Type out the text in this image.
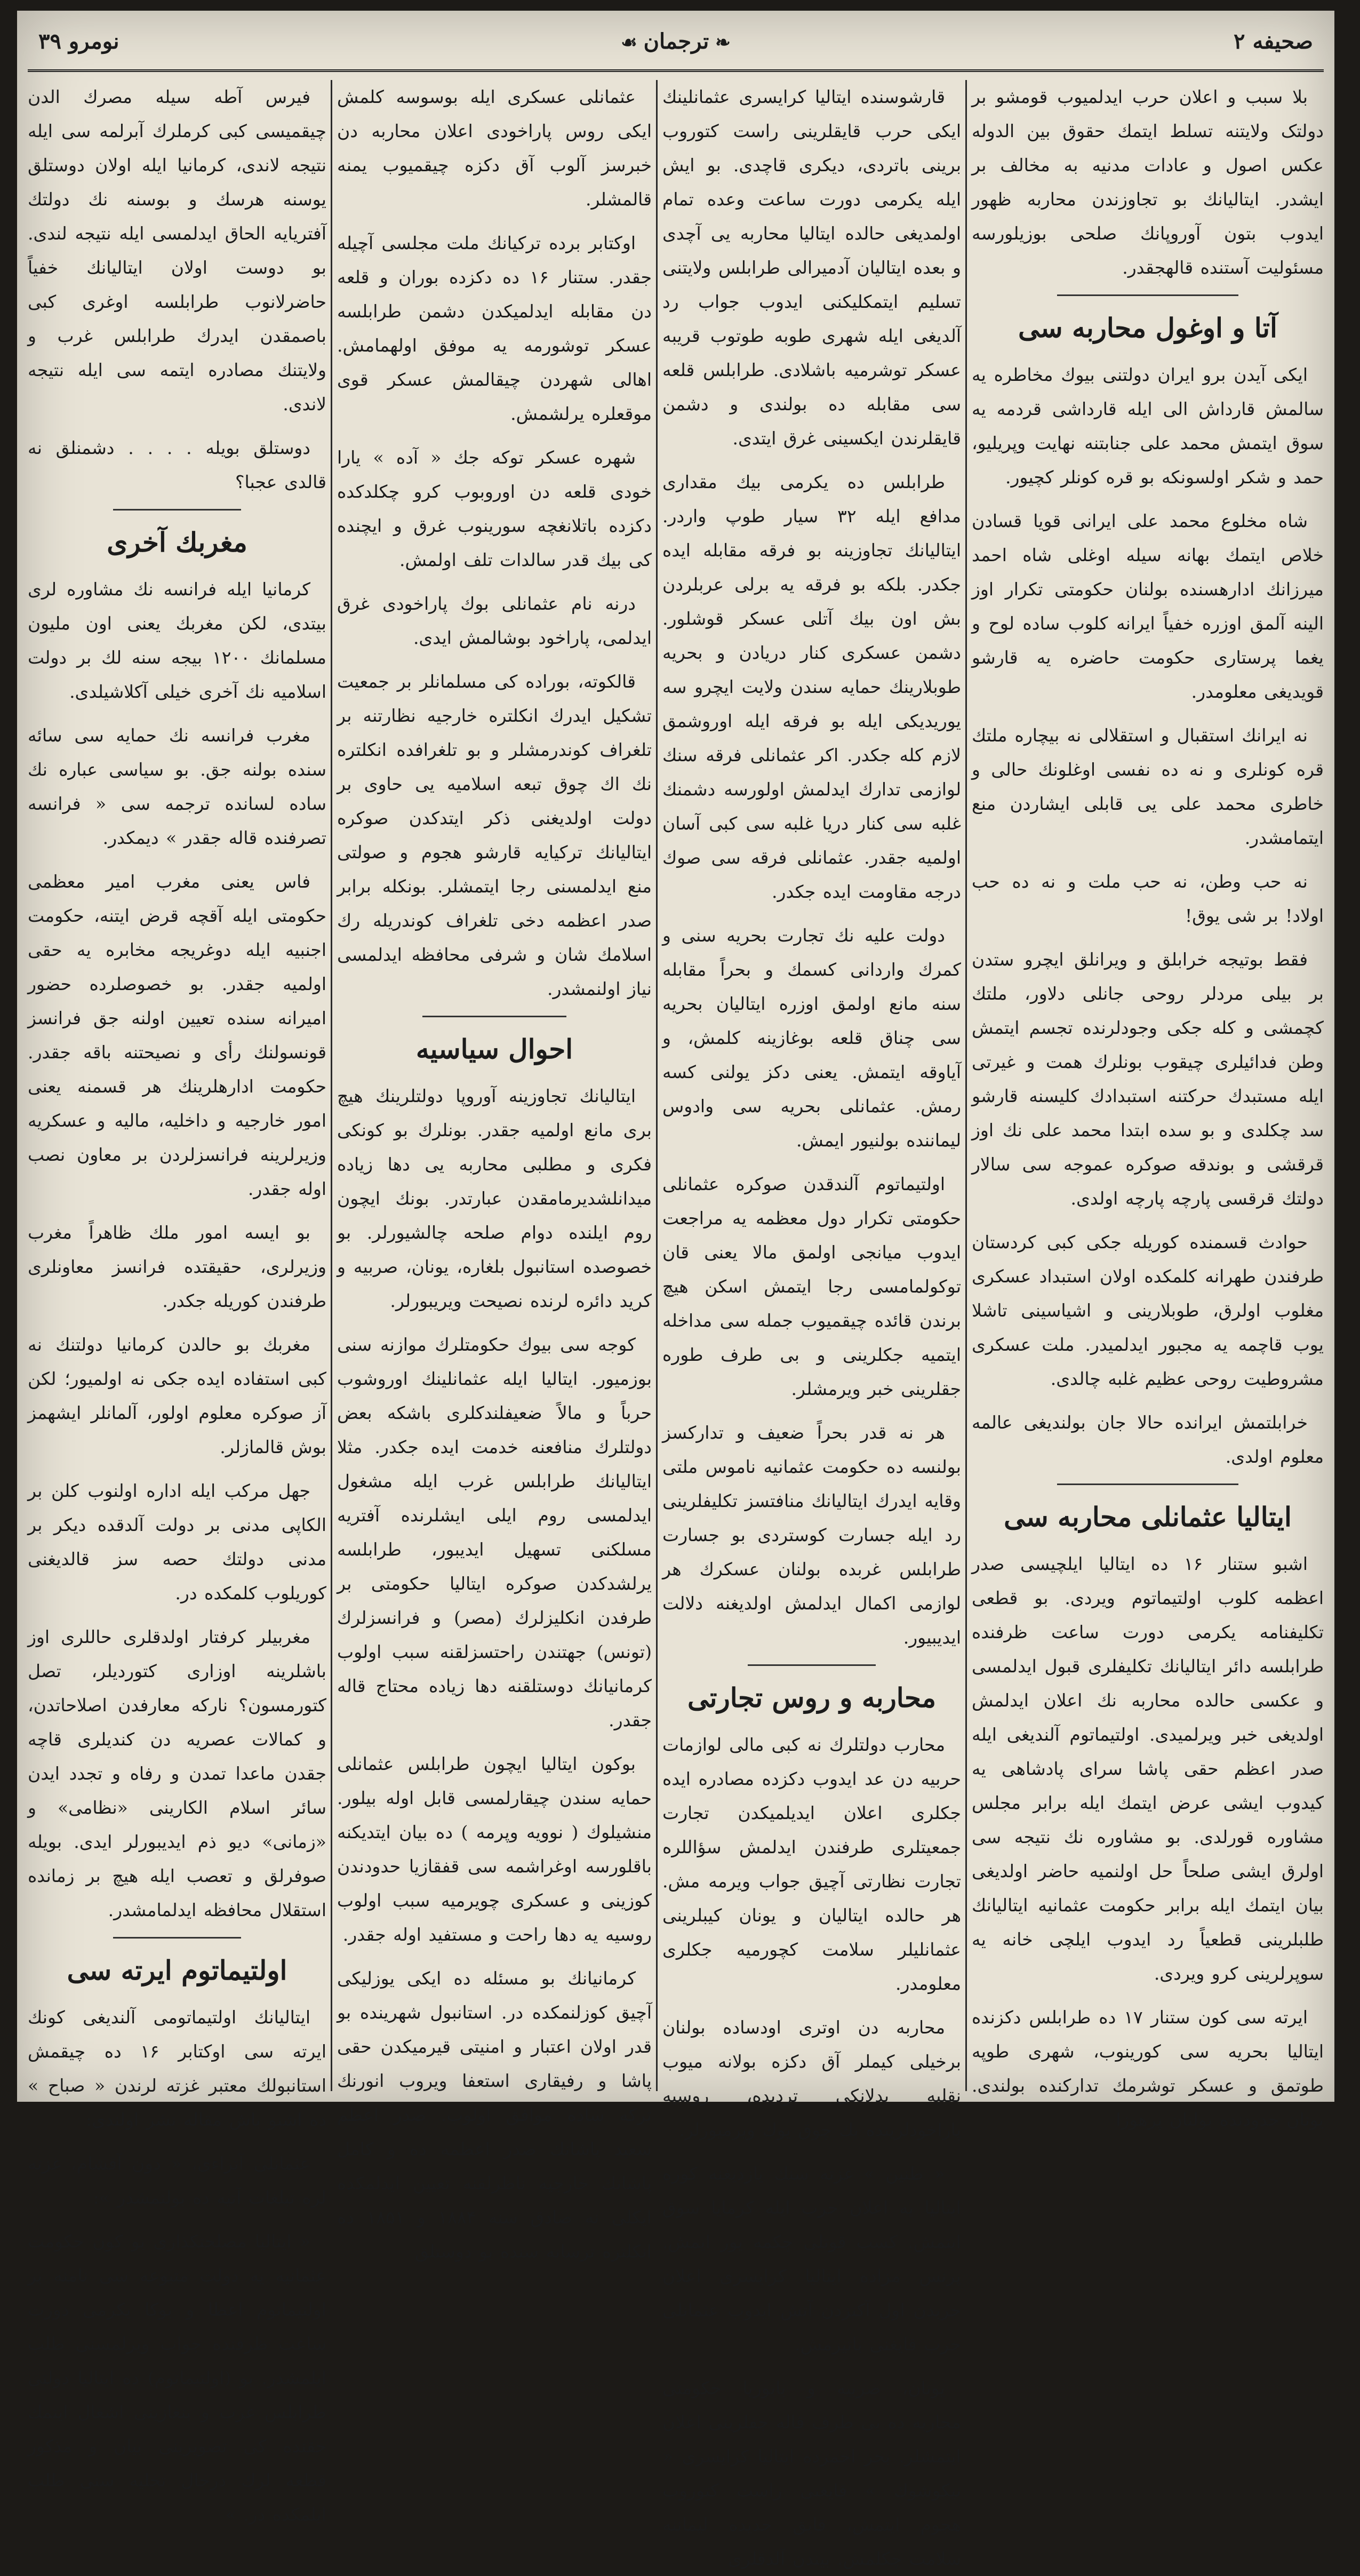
صحیفه ۲
❧ترجمان☙
نومرو ۳۹

بلا سبب و اعلان حرب ایدلمیوب قومشو بر دولتک ولایتنه تسلط ایتمك حقوق بین الدوله عکس اصول و عادات مدنیه به مخالف بر ایشدر. ایتالیانك بو تجاوزندن محاربه ظهور ایدوب بتون آوروپانك صلحی بوزیلورسه مسئولیت آستنده قالهجقدر.

آتا و اوغول محاربه سی

ایکی آیدن برو ایران دولتنی بیوك مخاطره یه سالمش قارداش الی ایله قارداشی قردمه یه سوق ایتمش محمد علی جنابتنه نهایت وپریلیو، حمد و شکر اولسونکه بو قره کونلر کچیور.

شاه مخلوع محمد علی ایرانی قویا قسادن خلاص ایتمك بهانه سیله اوغلی شاه احمد میرزانك ادارهسنده بولنان حکومتی تکرار اوز الینه آلمق اوزره خفیاً ایرانه کلوب ساده لوح و یغما پرستاری حکومت حاضره یه قارشو قویدیغی معلومدر.

نه ایرانك استقبال و استقلالی نه بیچاره ملتك قره کونلری و نه ده نفسی اوغلونك حالی و خاطری محمد علی یی قابلی ایشاردن منع ایتمامشدر.

نه حب وطن، نه حب ملت و نه ده حب اولاد! بر شی یوق!

فقط بوتیجه خرابلق و ویرانلق ایچرو ستدن بر بیلی مردلر روحی جانلی دلاور، ملتك کچمشی و کله جکی وجودلرنده تجسم ایتمش وطن فدائیلری چیقوب بونلرك همت و غیرتی ایله مستبدك حرکتنه استبدادك کلیسنه قارشو سد چکلدی و بو سده ابتدا محمد علی نك اوز قرقشی و بوندقه صوکره عموجه سی سالار دولتك قرقسی پارچه پارچه اولدی.

حوادث قسمنده کوریله جکی کبی کردستان طرفندن طهرانه کلمکده اولان استبداد عسکری مغلوب اولرق، طوبلارینی و اشیاسینی تاشلا یوب قاچمه یه مجبور ایدلمیدر. ملت عسکری مشروطیت روحی عظیم غلبه چالدی.

خرابلتمش ایرانده حالا جان بولندیغی عالمه معلوم اولدی.

ایتالیا عثمانلی محاربه سی

اشبو ستنار ۱۶ ده ایتالیا ایلچیسی صدر اعظمه کلوب اولتیماتوم ویردی. بو قطعی تکلیفنامه یکرمی دورت ساعت ظرفنده طرابلسه دائر ایتالیانك تکلیفلری قبول ایدلمسی و عکسی حالده محاربه نك اعلان ایدلمش اولدیغی خبر ویرلمیدی. اولتیماتوم آلندیغی ایله صدر اعظم حقی پاشا سرای پادشاهی یه کیدوب ایشی عرض ایتمك ایله برابر مجلس مشاوره قورلدی. بو مشاوره نك نتیجه سی اولرق ایشی صلحاً حل اولنمیه حاضر اولدیغی بیان ایتمك ایله برابر حکومت عثمانیه ایتالیانك طلبلرینی قطعیاً رد ایدوب ایلچی خانه یه سوپرلرینی کرو ویردی.

ایرته سی کون ستنار ۱۷ ده طرابلس دکزنده ایتالیا بحریه سی کورینوب، شهری طوپه طوتمق و عسکر توشرمك تدارکنده بولندی. یونان حدودنده بولنان پرهوزا

قارشوسنده ایتالیا کرایسری عثمانلینك ایکی حرب قایقلرینی راست کتوروب برینی باتردی، دیکری قاچدی. بو ایش ایله یکرمی دورت ساعت وعده تمام اولمدیغی حالده ایتالیا محاربه یی آچدی و بعده ایتالیان آدمیرالی طرابلس ولایتنی تسلیم ایتمکلیکنی ایدوب جواب رد آلدیغی ایله شهری طوبه طوتوب قریبه عسکر توشرمیه باشلادی. طرابلس قلعه سی مقابله ده بولندی و دشمن قایقلرندن ایکسینی غرق ایتدی.

طرابلس ده یکرمی بیك مقداری مدافع ایله ۳۲ سیار طوپ واردر. ایتالیانك تجاوزینه بو فرقه مقابله ایده جکدر. بلکه بو فرقه یه برلی عربلردن بش اون بیك آتلی عسکر قوشلور. دشمن عسکری کنار دریادن و بحریه طوبلارینك حمایه سندن ولایت ایچرو سه یوریدیکی ایله بو فرقه ایله اوروشمق لازم کله جکدر. اکر عثمانلی فرقه سنك لوازمی تدارك ایدلمش اولورسه دشمنك غلبه سی کنار دریا غلبه سی کبی آسان اولمیه جقدر. عثمانلی فرقه سی صوك درجه مقاومت ایده جکدر.

دولت علیه نك تجارت بحریه سنی و کمرك واردانی کسمك و بحراً مقابله سنه مانع اولمق اوزره ایتالیان بحریه سی چناق قلعه بوغازینه کلمش، و آیاوقه ایتمش. یعنی دکز یولنی کسه رمش. عثمانلی بحریه سی وادوس لیماننده بولنیور ایمش.

اولتیماتوم آلندقدن صوکره عثمانلی حکومتی تکرار دول معظمه یه مراجعت ایدوب میانجی اولمق مالا یعنی قان توکولمامسی رجا ایتمش اسکن هیچ برندن قائده چیقمیوب جمله سی مداخله ایتمیه جکلرینی و بی طرف طوره جقلرینی خبر ویرمشلر.

هر نه قدر بحراً ضعیف و تدارکسز بولنسه ده حکومت عثمانیه ناموس ملتی وقایه ایدرك ایتالیانك منافتسز تکلیفلرینی رد ایله جسارت کوستردی بو جسارت طرابلس غربده بولنان عسکرك هر لوازمی اکمال ایدلمش اولدیغنه دلالت ایدیبیور.

محاربه و روس تجارتی

محارب دولتلرك نه کبی مالی لوازمات حربیه دن عد ایدوب دکزده مصادره ایده جکلری اعلان ایدیلمیکدن تجارت جمعیتلری طرفندن ایدلمش سؤاللره تجارت نظارتی آچیق جواب ویرمه مش. هر حالده ایتالیان و یونان کیبلرینی عثمانلیلر سلامت کچورمیه جکلری معلومدر.

محاربه دن اوتری اودساده بولنان برخیلی کیملر آق دکزه بولانه میوب نقلیه یدلانکی تردیده، روسیه پاراخودلرینده بك چوق یوك ویرمیورلر.

« طنین » غزته سنك یازدیغنه کوره ایتالیا یه اعلان حرب ایله کرمایا سوق ایتمش. کسب قوتلی چکمه یور ایمش. پرنس مزاده ایتالیا کرایسری اعلان حربدن اول آکنزدن آتش ایدوب عثمانلی حرب قایغنی باتیرمش.

یونان، صربیه و بابوریا حکومتی محاربه ده بی طرف قاله جقلرینی اعلان ایتمشلر. بحر احمرده ایتالیا کرایسری « نیکوشوك » قایغنی راست کتوروب هجوم ایتمش، قایق حدیده لیماننه سلامت چکلمش. بیندن آلدقلری

عثمانلی عسکری ایله بوسوسه کلمش ایکی روس پاراخودی اعلان محاربه دن خبرسز آلوب آق دکزه چیقمیوب یمنه قالمشلر.

اوکتابر برده ترکیانك ملت مجلسی آچیله جقدر. ستنار ۱۶ ده دکزده بوران و قلعه دن مقابله ایدلمیکدن دشمن طرابلسه عسکر توشورمه یه موفق اولهمامش. اهالی شهردن چیقالمش عسکر قوی موقعلره یرلشمش.

شهره عسکر توکه جك « آده » یارا خودی قلعه دن اوروبوب کرو چکلدکده دکزده باتلانغچه سورینوب غرق و ایچنده کی بیك قدر سالدات تلف اولمش.

درنه نام عثمانلی بوك پاراخودی غرق ایدلمی، پاراخود بوشالمش ایدی.

قالکوته، بوراده کی مسلمانلر بر جمعیت تشکیل ایدرك انکلتره خارجیه نظارتنه بر تلغراف کوندرمشلر و بو تلغرافده انکلتره نك اك چوق تبعه اسلامیه یی حاوی بر دولت اولدیغنی ذکر ایتدکدن صوکره ایتالیانك ترکیایه قارشو هجوم و صولتی منع ایدلمسنی رجا ایتمشلر. بونکله برابر صدر اعظمه دخی تلغراف کوندریله رك اسلامك شان و شرفی محافظه ایدلمسی نیاز اولنمشدر.

احوال سیاسیه

ایتالیانك تجاوزینه آوروپا دولتلرینك هیچ بری مانع اولمیه جقدر. بونلرك بو کونکی فکری و مطلبی محاربه یی دها زیاده میدانلشدیرمامقدن عبارتدر. بونك ایچون روم ایلنده دوام صلحه چالشیورلر. بو خصوصده استانبول بلغاره، یونان، صربیه و کرید دائره لرنده نصیحت ویریبورلر.

کوجه سی بیوك حکومتلرك موازنه سنی بوزمیور. ایتالیا ایله عثمانلینك اوروشوب حرباً و مالاً ضعیفلندکلری باشکه بعض دولتلرك منافعنه خدمت ایده جکدر. مثلا ایتالیانك طرابلس غرب ایله مشغول ایدلمسی روم ایلی ایشلرنده آفتریه مسلکنی تسهیل ایدیبور، طرابلسه یرلشدکدن صوکره ایتالیا حکومتی بر طرفدن انکلیزلرك (مصر) و فرانسزلرك (تونس) جهتندن راحتسزلقنه سبب اولوب کرمانیانك دوستلقنه دها زیاده محتاج قاله جقدر.

بوکون ایتالیا ایچون طرابلس عثمانلی حمایه سندن چیقارلمسی قابل اوله بیلور. منشیلوك ( نوویه وپرمه ) ده بیان ایتدیکنه باقلورسه اوغراشمه سی قفقازیا حدودندن کوزینی و عسکری چویرمیه سبب اولوب روسیه یه دها راحت و مستفید اوله جقدر.

کرمانیانك بو مسئله ده ایکی یوزلیکی آچیق کوزلنمکده در. استانبول شهرینده بو قدر اولان اعتبار و امنیتی قیرمیکدن حقی پاشا و رفیقاری استعفا ویروب انورنك ترکه ساده موافق اولوب. صدر اعظم سعید پاشانك صدر اعظمه ده و کامل پاشانك خارجیه ناظرلقنه تعیین ایدلمکده ایکلی نه صادق سنه ۱۸۸۴ و ۱۸۵۱ ده انکلتره ترسانه سنده بو دوستلق

فیرس آطه سیله مصرك الدن چیقمیسی کبی کرملرك آبرلمه سی ایله نتیجه لاندی، کرمانیا ایله اولان دوستلق یوسنه هرسك و بوسنه نك دولتك آفتریایه الحاق ایدلمسی ایله نتیجه لندی. بو دوست اولان ایتالیانك خفیاً حاضرلانوب طرابلسه اوغری کبی باصمقدن ایدرك طرابلس غرب و ولایتنك مصادره ایتمه سی ایله نتیجه لاندی.

دوستلق بویله . . . . دشمنلق نه قالدی عجبا؟

مغربك آخری

کرمانیا ایله فرانسه نك مشاوره لری بیتدی، لکن مغربك یعنی اون ملیون مسلمانك ۱۲۰۰ بیجه سنه لك بر دولت اسلامیه نك آخری خیلی آکلاشیلدی.

مغرب فرانسه نك حمایه سی سائه سنده بولنه جق. بو سیاسی عباره نك ساده لسانده ترجمه سی « فرانسه تصرفنده قاله جقدر » دیمکدر.

فاس یعنی مغرب امیر معظمی حکومتی ایله آقچه قرض ایتنه، حکومت اجنبیه ایله دوغریجه مخابره یه حقی اولمیه جقدر. بو خصوصلرده حضور امیرانه سنده تعیین اولنه جق فرانسز قونسولنك رأی و نصیحتنه باقه جقدر. حکومت ادارهلرینك هر قسمنه یعنی امور خارجیه و داخلیه، مالیه و عسکریه وزیرلرینه فرانسزلردن بر معاون نصب اوله جقدر.

بو ایسه امور ملك ظاهراً مغرب وزیرلری، حقیقتده فرانسز معاونلری طرفندن کوریله جکدر.

مغربك بو حالدن کرمانیا دولتنك نه کبی استفاده ایده جکی نه اولمیور؛ لکن آز صوکره معلوم اولور، آلمانلر ایشهمز بوش قالمازلر.

جهل مرکب ایله اداره اولنوب کلن بر الکاپی مدنی بر دولت آلدقده دیکر بر مدنی دولتك حصه سز قالدیغنی کوریلوب کلمکده در.

مغربیلر کرفتار اولدقلری حاللری اوز باشلرینه اوزاری کتوردیلر، تصل کتورمسون؟ نارکه معارفدن اصلاحاتدن، و کمالات عصریه دن کندیلری قاچه جقدن ماعدا تمدن و رفاه و تجدد ایدن سائر اسلام الکارینی «نظامی» و «زمانی» دیو ذم ایدیبورلر ایدی. بویله صوفرلق و تعصب ایله هیچ بر زمانده استقلال محافظه ایدلمامشدر.

اولتیماتوم ایرته سی

ایتالیانك اولتیماتومی آلندیغی کونك ایرته سی اوکتابر ۱۶ ده چیقمش استانبولك معتبر غزته لرندن « صباح » ده اشبو باش مقاله نشر اولندی:

عثمانلی آتراءی، « دون آقشام، غزته لره تبلغات آتیه ده بولنمشدر »:

« ایتالیا مصلحتکذاری بو کون حکومت عثمانیه یه دولت متبوعه سی نامنه بر اولتیماتوم اعطا و بوکا یکرمی دورت ساعت ظرفنده جواب ویرلمسنی طلب ایلمشدر. بو (اولتیماتوم) ده ایتالیا دولتی طرابلس غرب و بنغازینی اشغال ایتمك حقنده کی تصویرینی بیان و مذکور قطعه لرك درحال تخلیه سنی طلب ایلمکده در. »
